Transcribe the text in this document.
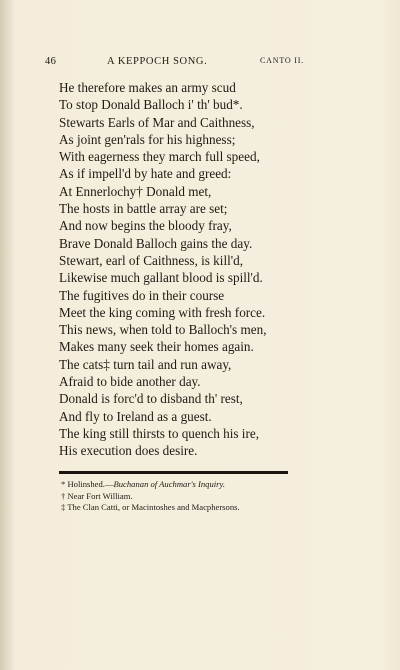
46	A KEPPOCH SONG.	CANTO II.
He therefore makes an army scud
To stop Donald Balloch i' th' bud*.
Stewarts Earls of Mar and Caithness,
As joint gen'rals for his highness;
With eagerness they march full speed,
As if impell'd by hate and greed:
At Ennerlochy† Donald met,
The hosts in battle array are set;
And now begins the bloody fray,
Brave Donald Balloch gains the day.
Stewart, earl of Caithness, is kill'd,
Likewise much gallant blood is spill'd.
The fugitives do in their course
Meet the king coming with fresh force.
This news, when told to Balloch's men,
Makes many seek their homes again.
The cats‡ turn tail and run away,
Afraid to bide another day.
Donald is forc'd to disband th' rest,
And fly to Ireland as a guest.
The king still thirsts to quench his ire,
His execution does desire.
* Holinshed.—Buchanan of Auchmar's Inquiry.
† Near Fort William.
‡ The Clan Catti, or Macintoshes and Macphersons.
